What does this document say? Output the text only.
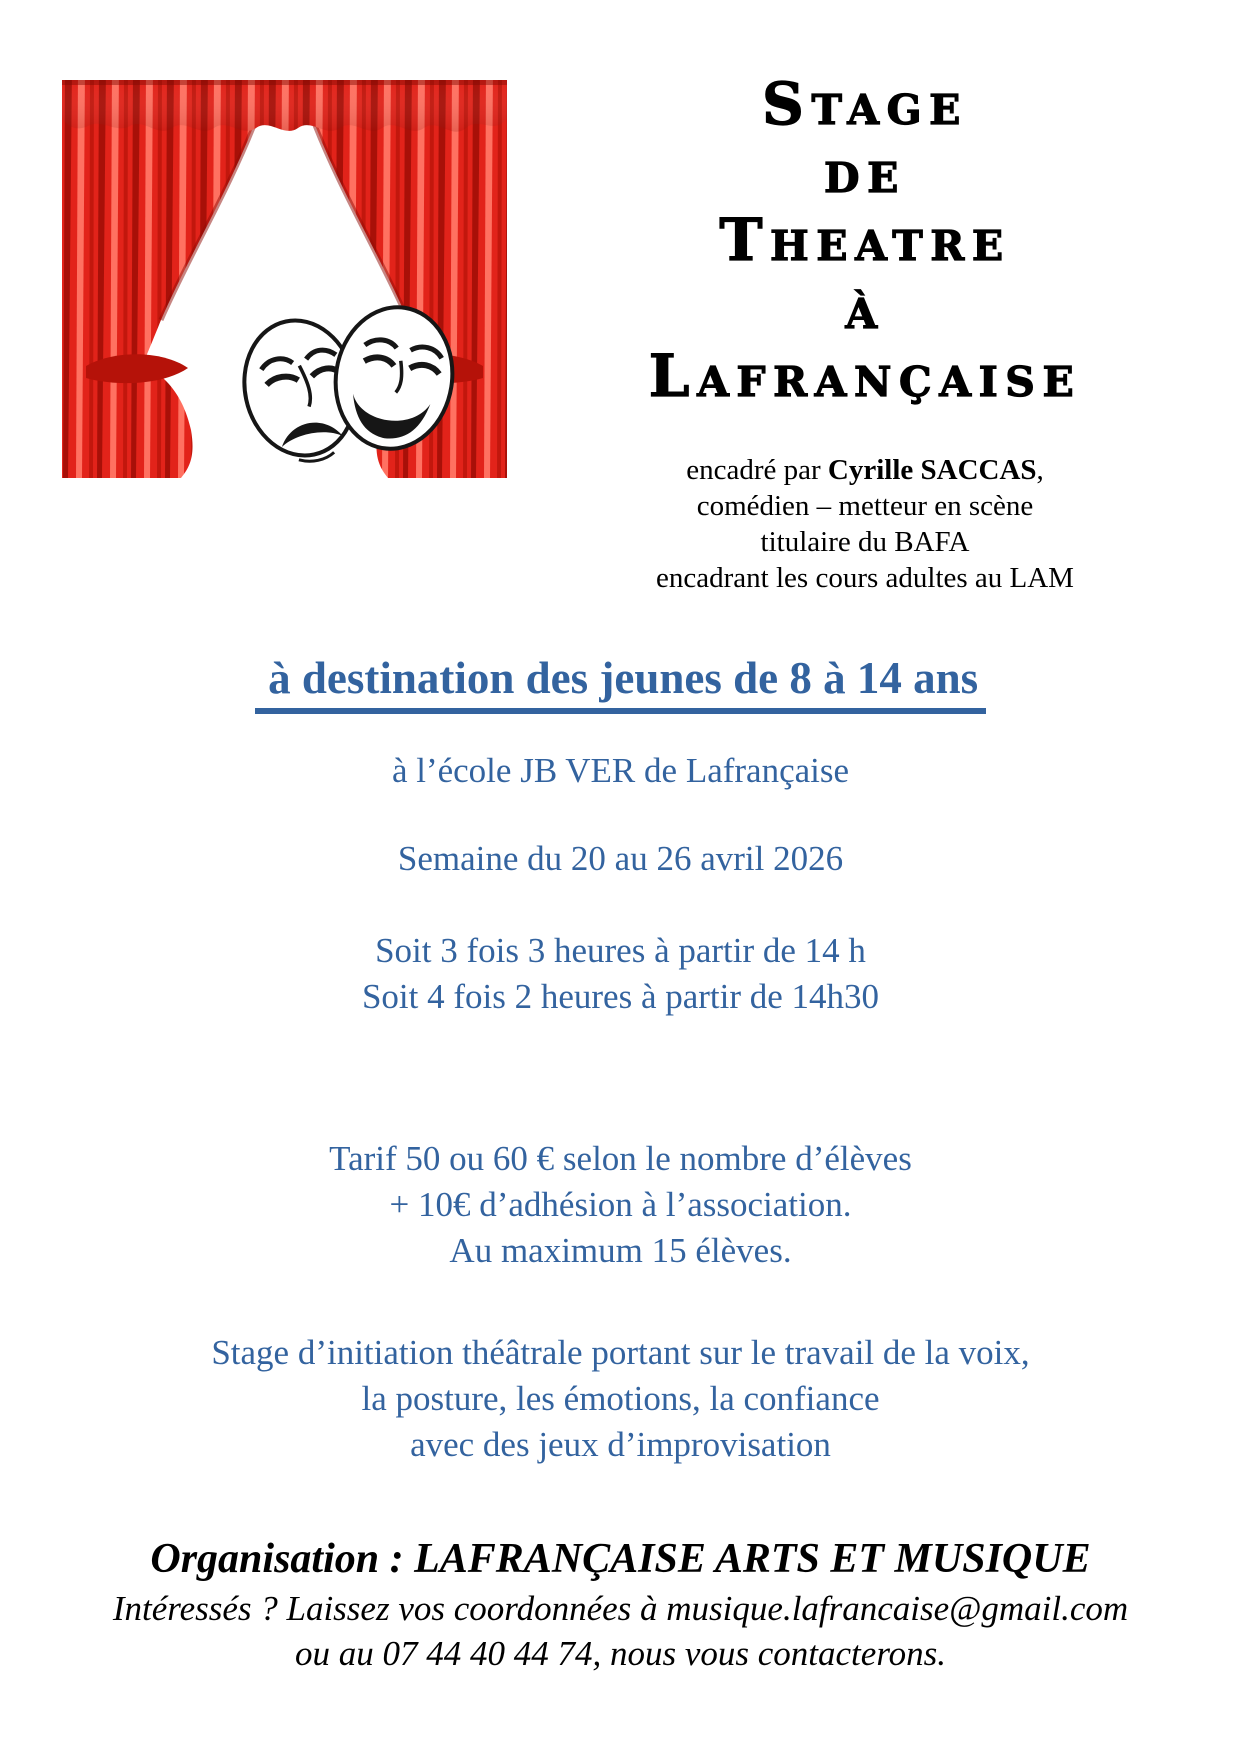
Stage
de
Theatre
à
Lafrançaise
encadré par Cyrille SACCAS,
comédien – metteur en scène
titulaire du BAFA
encadrant les cours adultes au LAM
à destination des jeunes de 8 à 14 ans
à l’école JB VER de Lafrançaise
Semaine du 20 au 26 avril 2026
Soit 3 fois 3 heures à partir de 14 h
Soit 4 fois 2 heures à partir de 14h30
Tarif 50 ou 60 € selon le nombre d’élèves
+ 10€ d’adhésion à l’association.
Au maximum 15 élèves.
Stage d’initiation théâtrale portant sur le travail de la voix,
la posture, les émotions, la confiance
avec des jeux d’improvisation
Organisation : LAFRANÇAISE ARTS ET MUSIQUE
Intéressés ? Laissez vos coordonnées à musique.lafrancaise@gmail.com
ou au 07 44 40 44 74, nous vous contacterons.
